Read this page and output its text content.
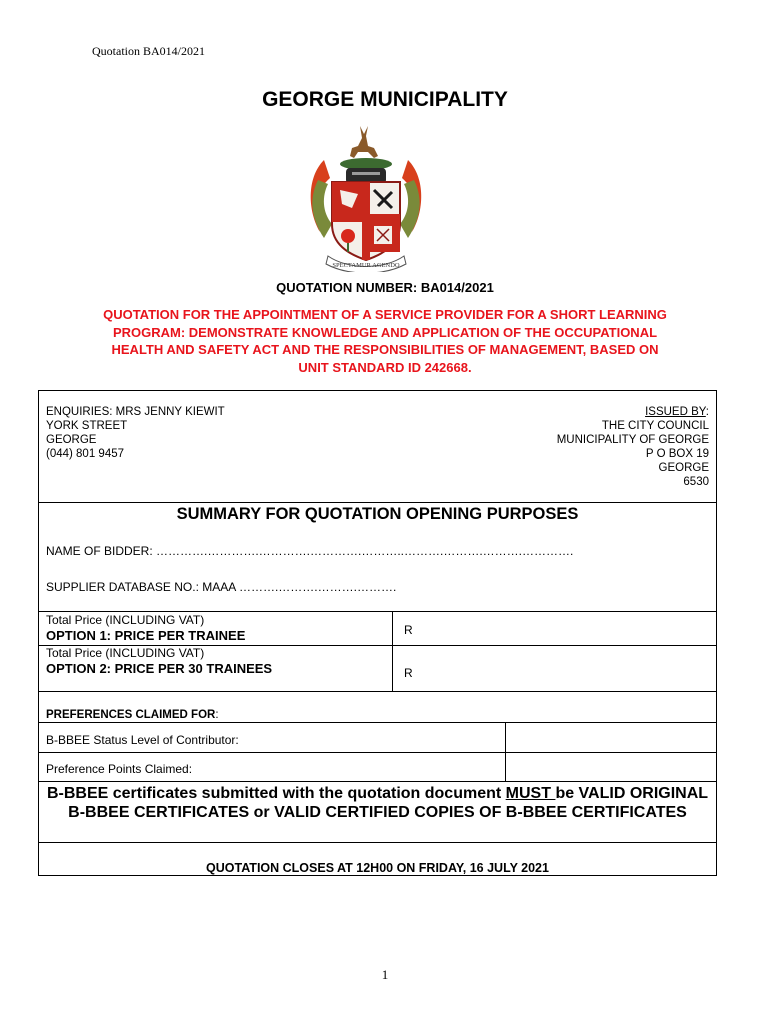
Quotation BA014/2021
GEORGE MUNICIPALITY
SPECTAMUR AGENDO
QUOTATION NUMBER: BA014/2021
QUOTATION FOR THE APPOINTMENT OF A SERVICE PROVIDER FOR A SHORT LEARNING PROGRAM: DEMONSTRATE KNOWLEDGE AND APPLICATION OF THE OCCUPATIONAL HEALTH AND SAFETY ACT AND THE RESPONSIBILITIES OF MANAGEMENT, BASED ON UNIT STANDARD ID 242668.
ENQUIRIES: MRS JENNY KIEWIT
YORK STREET
GEORGE
(044) 801 9457
ISSUED BY:
THE CITY COUNCIL
MUNICIPALITY OF GEORGE
P O BOX 19
GEORGE
6530
SUMMARY FOR QUOTATION OPENING PURPOSES
NAME OF BIDDER: ………….………….………….………….………..……….……….……….………….
SUPPLIER DATABASE NO.: MAAA ……….……….……….……….
Total Price (INCLUDING VAT)
OPTION 1: PRICE PER TRAINEE	R
Total Price (INCLUDING VAT)
OPTION 2: PRICE PER 30 TRAINEES	R
PREFERENCES CLAIMED FOR:
B-BBEE Status Level of Contributor:
Preference Points Claimed:
B-BBEE certificates submitted with the quotation document MUST be VALID ORIGINAL B-BBEE CERTIFICATES or VALID CERTIFIED COPIES OF B-BBEE CERTIFICATES
QUOTATION CLOSES AT 12H00 ON FRIDAY, 16 JULY 2021
1
